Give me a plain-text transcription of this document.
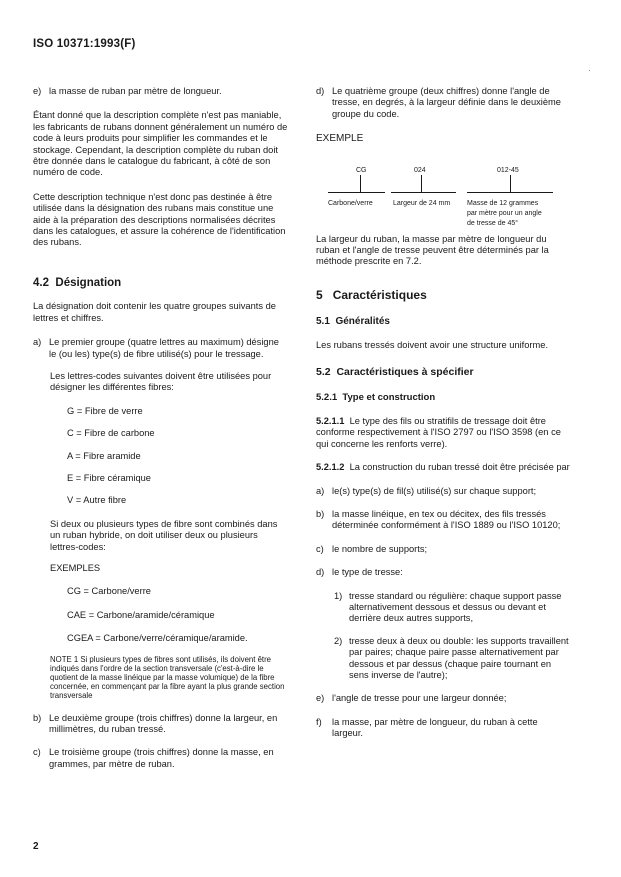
ISO 10371:1993(F)
e) la masse de ruban par mètre de longueur.

Étant donné que la description complète n'est pas maniable, les fabricants de rubans donnent généralement un numéro de code à leurs produits pour simplifier les commandes et le stockage. Cependant, la description complète du ruban doit être donnée dans le catalogue du fabricant, à côté de son numéro de code.

Cette description technique n'est donc pas destinée à être utilisée dans la désignation des rubans mais constitue une aide à la préparation des descriptions normalisées décrites dans les catalogues, et assure la cohérence de l'identification des rubans.

4.2 Désignation

La désignation doit contenir les quatre groupes suivants de lettres et chiffres.

a) Le premier groupe (quatre lettres au maximum) désigne le (ou les) type(s) de fibre utilisé(s) pour le tressage.

Les lettres-codes suivantes doivent être utilisées pour désigner les différentes fibres:

G = Fibre de verre

C = Fibre de carbone

A = Fibre aramide

E = Fibre céramique

V = Autre fibre

Si deux ou plusieurs types de fibre sont combinés dans un ruban hybride, on doit utiliser deux ou plusieurs lettres-codes:

EXEMPLES

CG = Carbone/verre

CAE = Carbone/aramide/céramique

CGEA = Carbone/verre/céramique/aramide.

NOTE 1 Si plusieurs types de fibres sont utilisés, ils doivent être indiqués dans l'ordre de la section transversale (c'est-à-dire le quotient de la masse linéique par la masse volumique) de la fibre concernée, en commençant par la fibre ayant la plus grande section transversale

b) Le deuxième groupe (trois chiffres) donne la largeur, en millimètres, du ruban tressé.
c) Le troisième groupe (trois chiffres) donne la masse, en grammes, par mètre de ruban.
d) Le quatrième groupe (deux chiffres) donne l'angle de tresse, en degrés, à la largeur définie dans le deuxième groupe du code.

EXEMPLE

CG	024	012-45
Carbone/verre	Largeur de 24 mm Masse de 12 grammes
par mètre pour un angle
de tresse de 45°

La largeur du ruban, la masse par mètre de longueur du ruban et l'angle de tresse peuvent être déterminés par la méthode prescrite en 7.2.

5 Caractéristiques

5.1 Généralités

Les rubans tressés doivent avoir une structure uniforme.

5.2 Caractéristiques à spécifier

5.2.1 Type et construction

5.2.1.1 Le type des fils ou stratifils de tressage doit être conforme respectivement à l'ISO 2797 ou l'ISO 3598 (en ce qui concerne les renforts verre).

5.2.1.2 La construction du ruban tressé doit être précisée par

a) le(s) type(s) de fil(s) utilisé(s) sur chaque support;
b) la masse linéique, en tex ou décitex, des fils tressés déterminée conformément à l'ISO 1889 ou l'ISO 10120;
c) le nombre de supports;
d) le type de tresse:
1) tresse standard ou régulière: chaque support passe alternativement dessous et dessus ou devant et derrière deux autres supports,
2) tresse deux à deux ou double: les supports travaillent par paires; chaque paire passe alternativement par dessous et par dessus (chaque paire tournant en sens inverse de l'autre);
e) l'angle de tresse pour une largeur donnée;
f) la masse, par mètre de longueur, du ruban à cette largeur.
2
